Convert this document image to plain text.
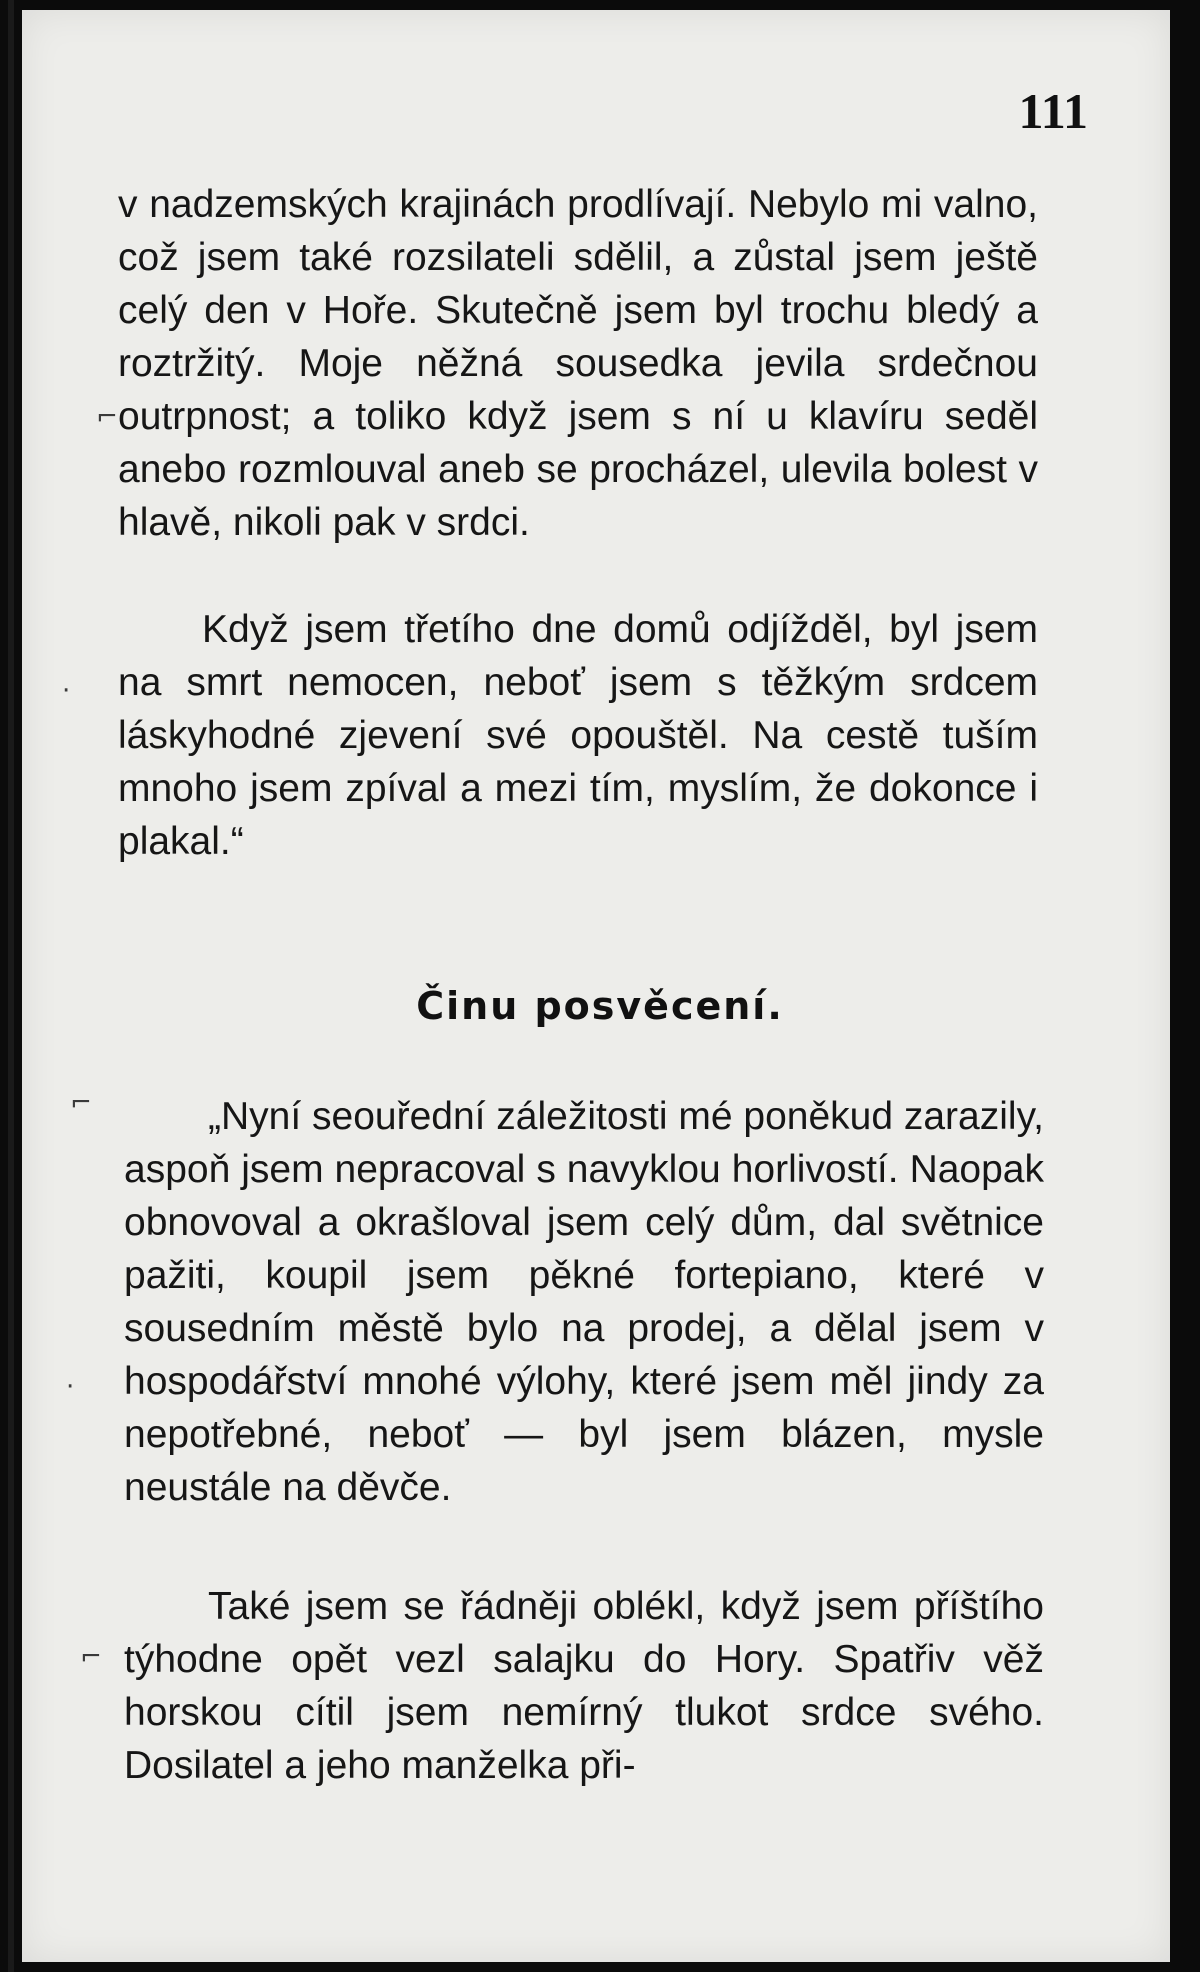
111

v nadzemských krajinách prodlívají. Nebylo mi valno, což jsem také rozsilateli sdělil, a zůstal jsem ještě celý den v Hoře. Skutečně jsem byl trochu bledý a roztržitý. Moje něžná sousedka jevila srdečnou outrpnost; a toliko když jsem s ní u klavíru seděl anebo rozmlouval aneb se procházel, ulevila bolest v hlavě, nikoli pak v srdci.

Když jsem třetího dne domů odjížděl, byl jsem na smrt nemocen, neboť jsem s těžkým srdcem láskyhodné zjevení své opouštěl. Na cestě tuším mnoho jsem zpíval a mezi tím, myslím, že dokonce i plakal.“

Činu posvěcení.

„Nyní seouřední záležitosti mé poněkud zarazily, aspoň jsem nepracoval s navyklou horlivostí. Naopak obnovoval a okrašloval jsem celý dům, dal světnice pažiti, koupil jsem pěkné fortepiano, které v sousedním městě bylo na prodej, a dělal jsem v hospodářství mnohé výlohy, které jsem měl jindy za nepotřebné, neboť — byl jsem blázen, mysle neustále na děvče.

Také jsem se řádněji oblékl, když jsem příštího týhodne opět vezl salajku do Hory. Spatřiv věž horskou cítil jsem nemírný tlukot srdce svého. Dosilatel a jeho manželka při-

⌐
·
⌐
·
⌐
